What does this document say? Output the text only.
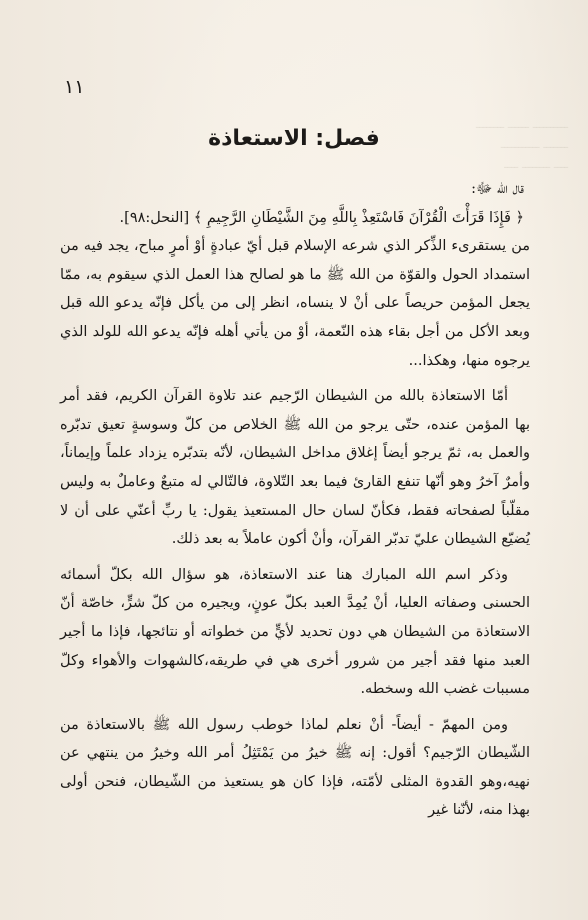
ــــــــــ ــــــ ــــــــ
ـــــــ ـــــــــــ
ــــ ــــــــ ــــ
١١
فصل: الاستعاذة

قال الله ﷻ:

﴿ فَإِذَا قَرَأْتَ الْقُرْآنَ فَاسْتَعِذْ بِاللَّهِ مِنَ الشَّيْطَانِ الرَّجِيمِ ﴾ [النحل:٩٨].

من يستقرىء الذِّكر الذي شرعه الإسلام قبل أيّ عبادةٍ أوْ أمرٍ مباح، يجد فيه من استمداد الحول والقوّة من الله ﷺ ما هو لصالح هذا العمل الذي سيقوم به، ممّا يجعل المؤمن حريصاً على أنْ لا ينساه، انظر إلى من يأكل فإنّه يدعو الله قبل وبعد الأكل من أجل بقاء هذه النّعمة، أوْ من يأتي أهله فإنّه يدعو الله للولد الذي يرجوه منها، وهكذا...

أمّا الاستعاذة بالله من الشيطان الرّجيم عند تلاوة القرآن الكريم، فقد أمر بها المؤمن عنده، حتّى يرجو من الله ﷺ الخلاص من كلّ وسوسةٍ تعيق تدبّره والعمل به، ثمّ يرجو أيضاً إغلاق مداخل الشيطان، لأنّه بتدبّره يزداد علماً وإيماناً، وأمرٌ آخرُ وهو أنّها تنفع القارئ فيما بعد التّلاوة، فالتّالي له متبعٌ وعاملٌ به وليس مقلّباً لصفحاته فقط، فكأنّ لسان حال المستعيذ يقول: يا ربِّ أعنّي على أن لا يُضيّع الشيطان عليّ تدبّر القرآن، وأنْ أكون عاملاً به بعد ذلك.

وذكر اسم الله المبارك هنا عند الاستعاذة، هو سؤال الله بكلّ أسمائه الحسنى وصفاته العليا، أنْ يُمِدَّ العبد بكلّ عونٍ، ويجيره من كلّ شرٍّ، خاصّة أنّ الاستعاذة من الشيطان هي دون تحديد لأيٍّ من خطواته أو نتائجها، فإذا ما أجير العبد منها فقد أجير من شرور أخرى هي في طريقه،كالشهوات والأهواء وكلّ مسببات غضب الله وسخطه.

ومن المهمّ - أيضاً- أنْ نعلم لماذا خوطب رسول الله ﷺ بالاستعاذة من الشّيطان الرّجيم؟ أقول: إنه ﷺ خيرُ من يَمْتَثِلُ أمر الله وخيرُ من ينتهي عن نهيه،وهو القدوة المثلى لأمّته، فإذا كان هو يستعيذ من الشّيطان، فنحن أولى بهذا منه، لأنّنا غير
